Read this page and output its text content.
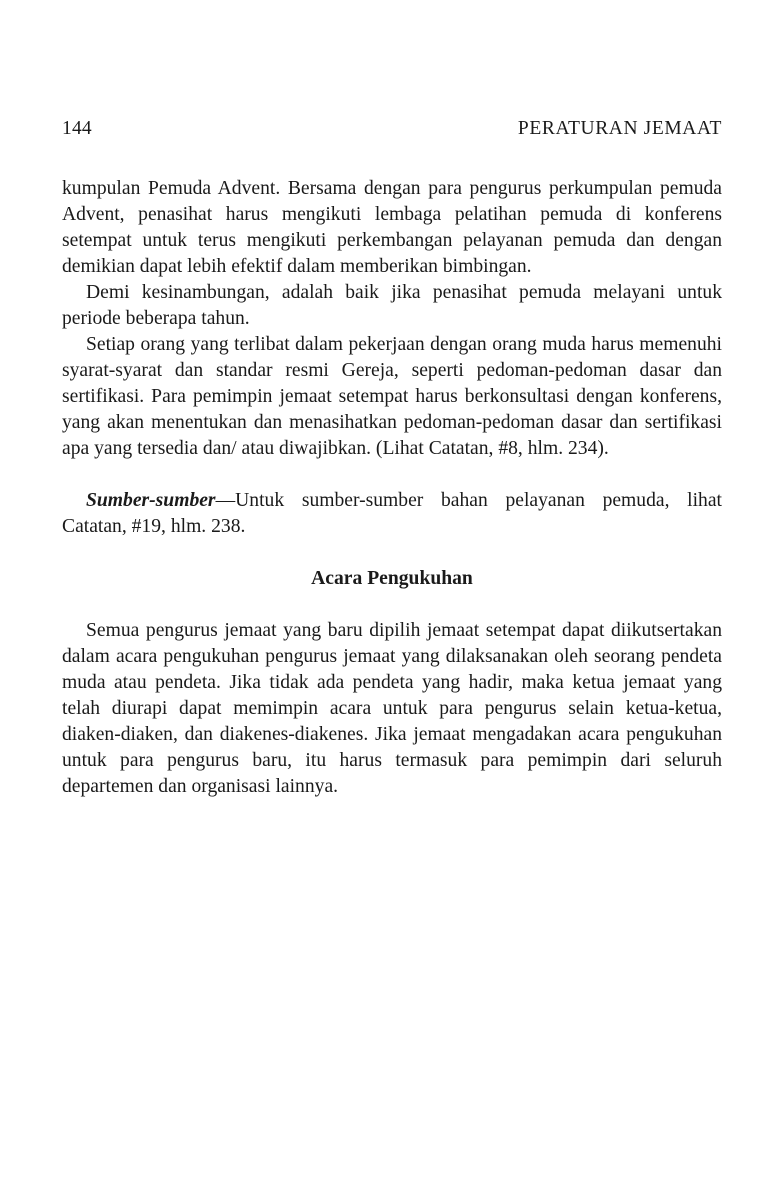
144	PERATURAN JEMAAT

kumpulan Pemuda Advent. Bersama dengan para pengurus perkumpulan pemuda Advent, penasihat harus mengikuti lembaga pelatihan pemuda di konferens setempat untuk terus mengikuti perkembangan pelayanan pemuda dan dengan demikian dapat lebih efektif dalam memberikan bimbingan.

Demi kesinambungan, adalah baik jika penasihat pemuda melayani untuk periode beberapa tahun.

Setiap orang yang terlibat dalam pekerjaan dengan orang muda harus memenuhi syarat-syarat dan standar resmi Gereja, seperti pedoman-pedoman dasar dan sertifikasi. Para pemimpin jemaat setempat harus berkonsultasi dengan konferens, yang akan menentukan dan menasihatkan pedoman-pedoman dasar dan sertifikasi apa yang tersedia dan/ atau diwajibkan. (Lihat Catatan, #8, hlm. 234).

Sumber-sumber—Untuk sumber-sumber bahan pelayanan pemuda, lihat Catatan, #19, hlm. 238.

Acara Pengukuhan

Semua pengurus jemaat yang baru dipilih jemaat setempat dapat diikutsertakan dalam acara pengukuhan pengurus jemaat yang dilaksanakan oleh seorang pendeta muda atau pendeta. Jika tidak ada pendeta yang hadir, maka ketua jemaat yang telah diurapi dapat memimpin acara untuk para pengurus selain ketua-ketua, diaken-diaken, dan diakenes-diakenes. Jika jemaat mengadakan acara pengukuhan untuk para pengurus baru, itu harus termasuk para pemimpin dari seluruh departemen dan organisasi lainnya.
